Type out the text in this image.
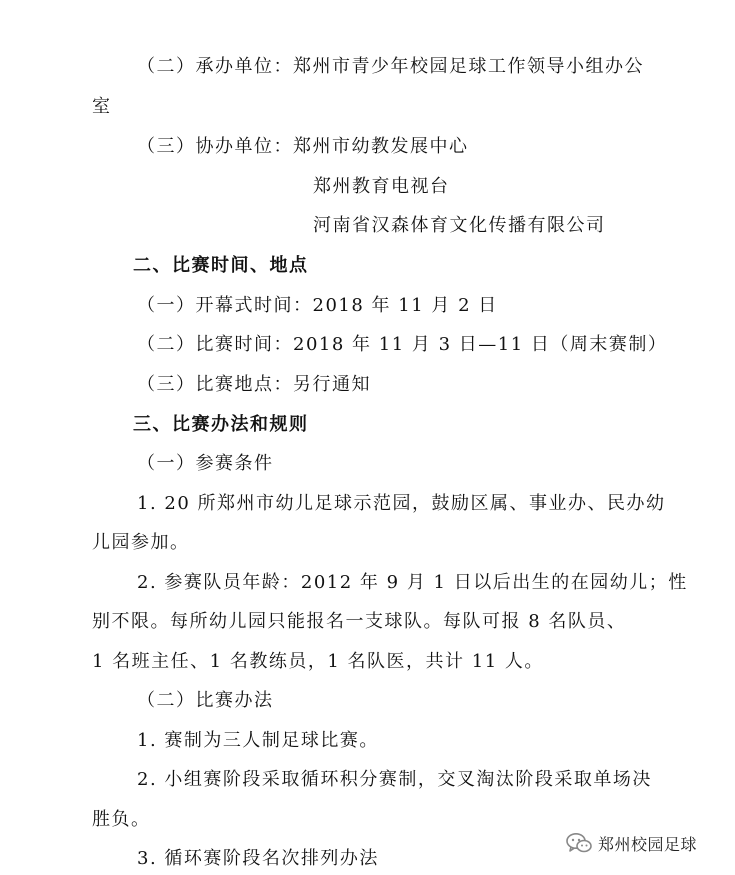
（二）承办单位：郑州市青少年校园足球工作领导小组办公
室
（三）协办单位：郑州市幼教发展中心
郑州教育电视台
河南省汉森体育文化传播有限公司
二、比赛时间、地点
（一）开幕式时间：2018 年 11 月 2 日
（二）比赛时间：2018 年 11 月 3 日—11 日（周末赛制）
（三）比赛地点：另行通知
三、比赛办法和规则
（一）参赛条件
1. 20 所郑州市幼儿足球示范园，鼓励区属、事业办、民办幼
儿园参加。
2. 参赛队员年龄：2012 年 9 月 1 日以后出生的在园幼儿；性
别不限。每所幼儿园只能报名一支球队。每队可报 8 名队员、
1 名班主任、1 名教练员，1 名队医，共计 11 人。
（二）比赛办法
1. 赛制为三人制足球比赛。
2. 小组赛阶段采取循环积分赛制，交叉淘汰阶段采取单场决
胜负。
3. 循环赛阶段名次排列办法
郑州校园足球
